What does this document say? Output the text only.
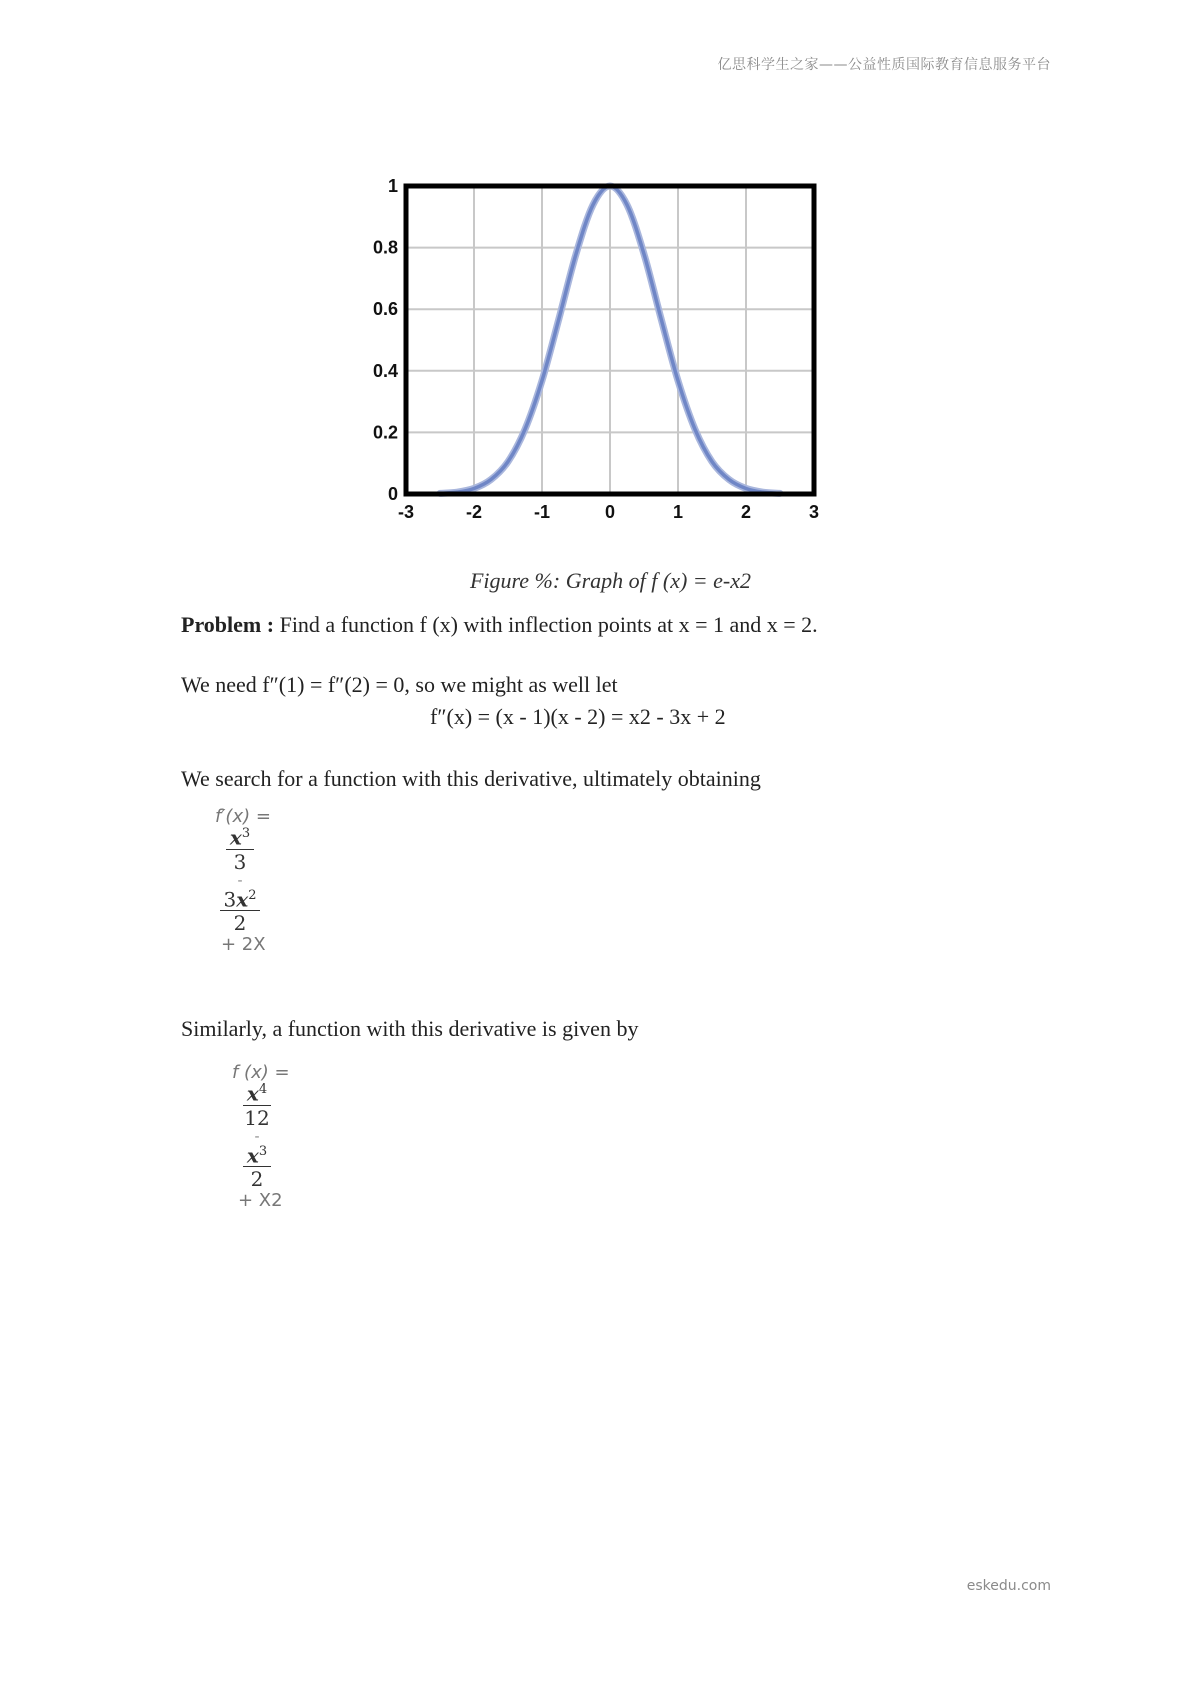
亿思科学生之家——公益性质国际教育信息服务平台
0
0.2
0.4
0.6
0.8
1
-3	-2	-1	0	1	2	3
Figure %: Graph of f (x) = e-x2
Problem : Find a function f (x) with inflection points at x = 1 and x = 2.
We need f″(1) = f″(2) = 0, so we might as well let
f″(x) = (x - 1)(x - 2) = x2 - 3x + 2
We search for a function with this derivative, ultimately obtaining
f′(x) =
$x^3$
3
-
$3x^2$
2
+ 2X
Similarly, a function with this derivative is given by
f (x) =
$x^4$
12
-
$x^3$
2
+ X2
eskedu.com
